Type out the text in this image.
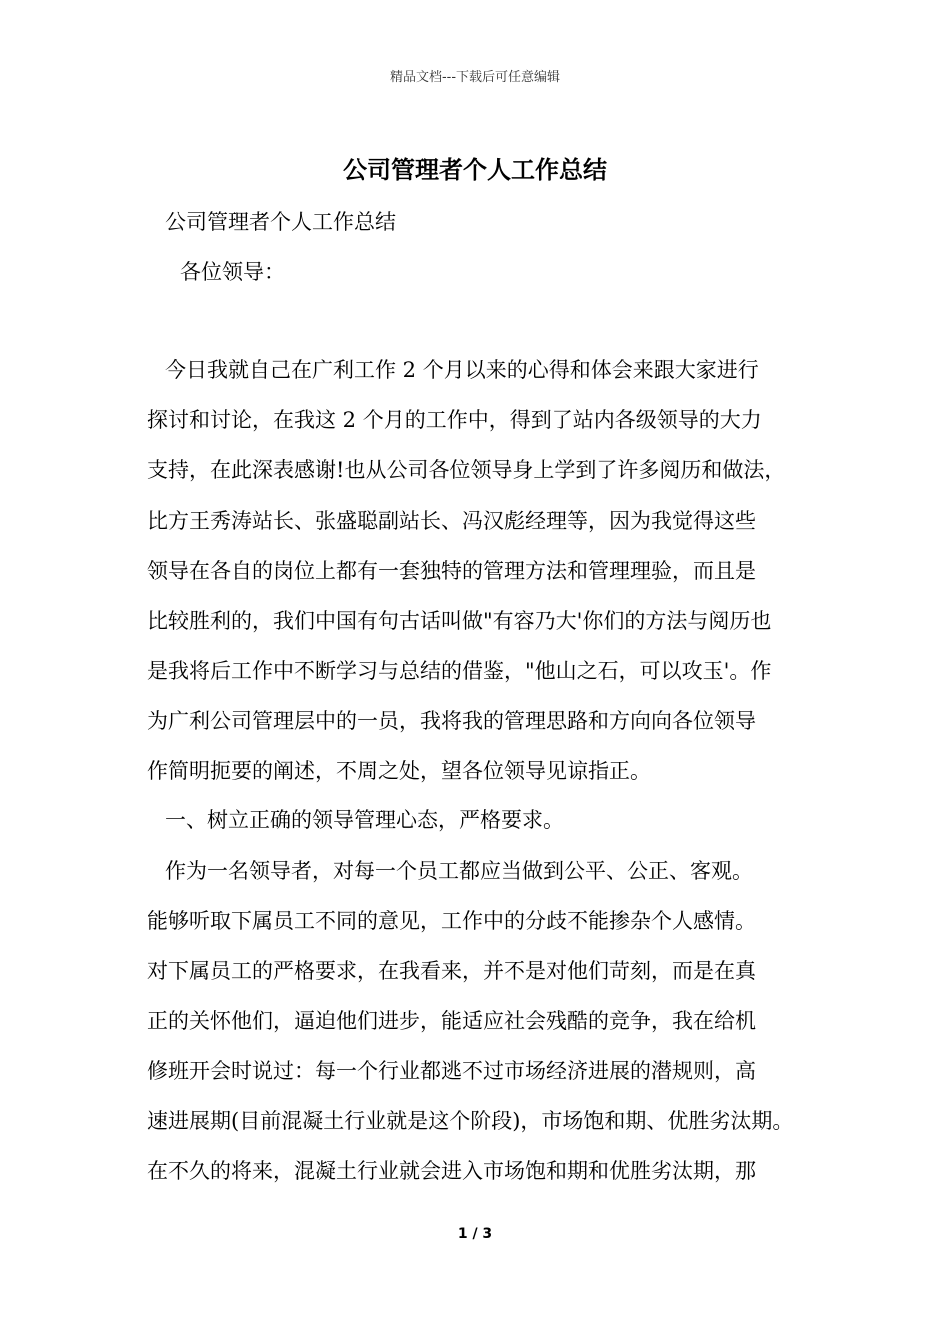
精品文档---下载后可任意编辑
公司管理者个人工作总结
公司管理者个人工作总结
各位领导：
今日我就自己在广利工作 2 个月以来的心得和体会来跟大家进行
探讨和讨论，在我这 2 个月的工作中，得到了站内各级领导的大力
支持，在此深表感谢!也从公司各位领导身上学到了许多阅历和做法，
比方王秀涛站长、张盛聪副站长、冯汉彪经理等，因为我觉得这些
领导在各自的岗位上都有一套独特的管理方法和管理理验，而且是
比较胜利的，我们中国有句古话叫做"有容乃大'你们的方法与阅历也
是我将后工作中不断学习与总结的借鉴，"他山之石，可以攻玉'。作
为广利公司管理层中的一员，我将我的管理思路和方向向各位领导
作简明扼要的阐述，不周之处，望各位领导见谅指正。
一、树立正确的领导管理心态，严格要求。
作为一名领导者，对每一个员工都应当做到公平、公正、客观。
能够听取下属员工不同的意见，工作中的分歧不能掺杂个人感情。
对下属员工的严格要求，在我看来，并不是对他们苛刻，而是在真
正的关怀他们，逼迫他们进步，能适应社会残酷的竞争，我在给机
修班开会时说过：每一个行业都逃不过市场经济进展的潜规则，高
速进展期(目前混凝土行业就是这个阶段)，市场饱和期、优胜劣汰期。
在不久的将来，混凝土行业就会进入市场饱和期和优胜劣汰期，那
1 / 3
